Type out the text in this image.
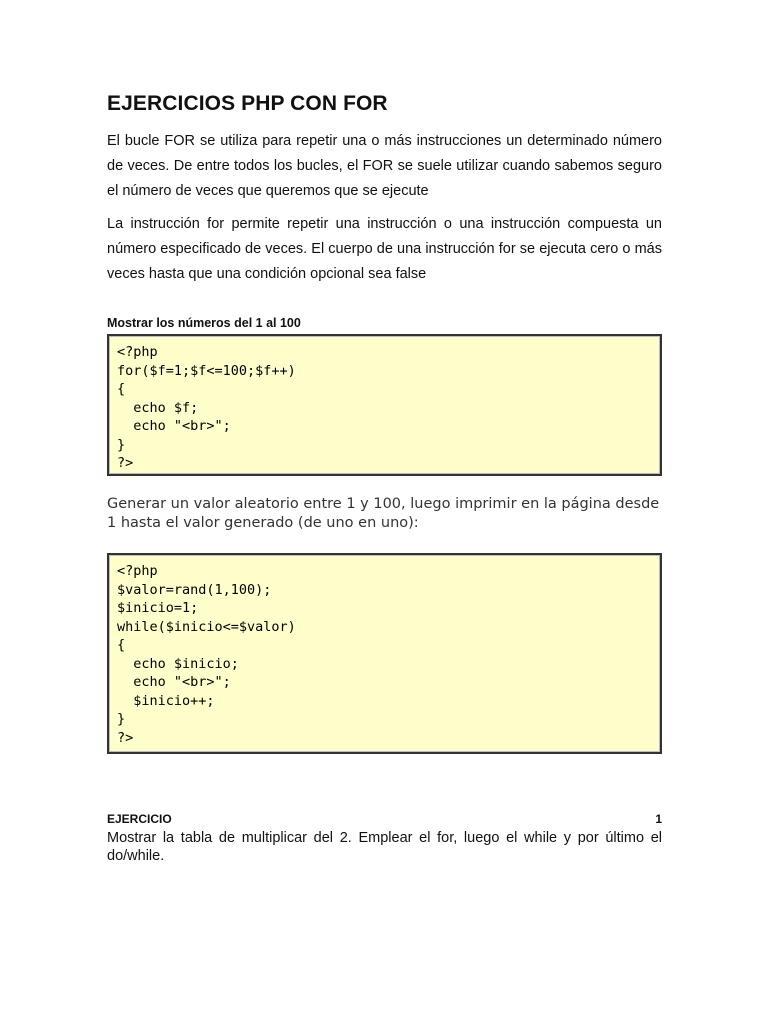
EJERCICIOS PHP CON FOR

El bucle FOR se utiliza para repetir una o más instrucciones un determinado número de veces. De entre todos los bucles, el FOR se suele utilizar cuando sabemos seguro el número de veces que queremos que se ejecute

La instrucción for permite repetir una instrucción o una instrucción compuesta un número especificado de veces. El cuerpo de una instrucción for se ejecuta cero o más veces hasta que una condición opcional sea false

Mostrar los números del 1 al 100

<?php
for($f=1;$f<=100;$f++)
{
echo $f;
echo "<br>";
}
?>

Generar un valor aleatorio entre 1 y 100, luego imprimir en la página desde 1 hasta el valor generado (de uno en uno):

<?php
$valor=rand(1,100);
$inicio=1;
while($inicio<=$valor)
{
echo $inicio;
echo "<br>";
$inicio++;
}
?>
EJERCICIO	1

Mostrar la tabla de multiplicar del 2. Emplear el for, luego el while y por último el do/while.
